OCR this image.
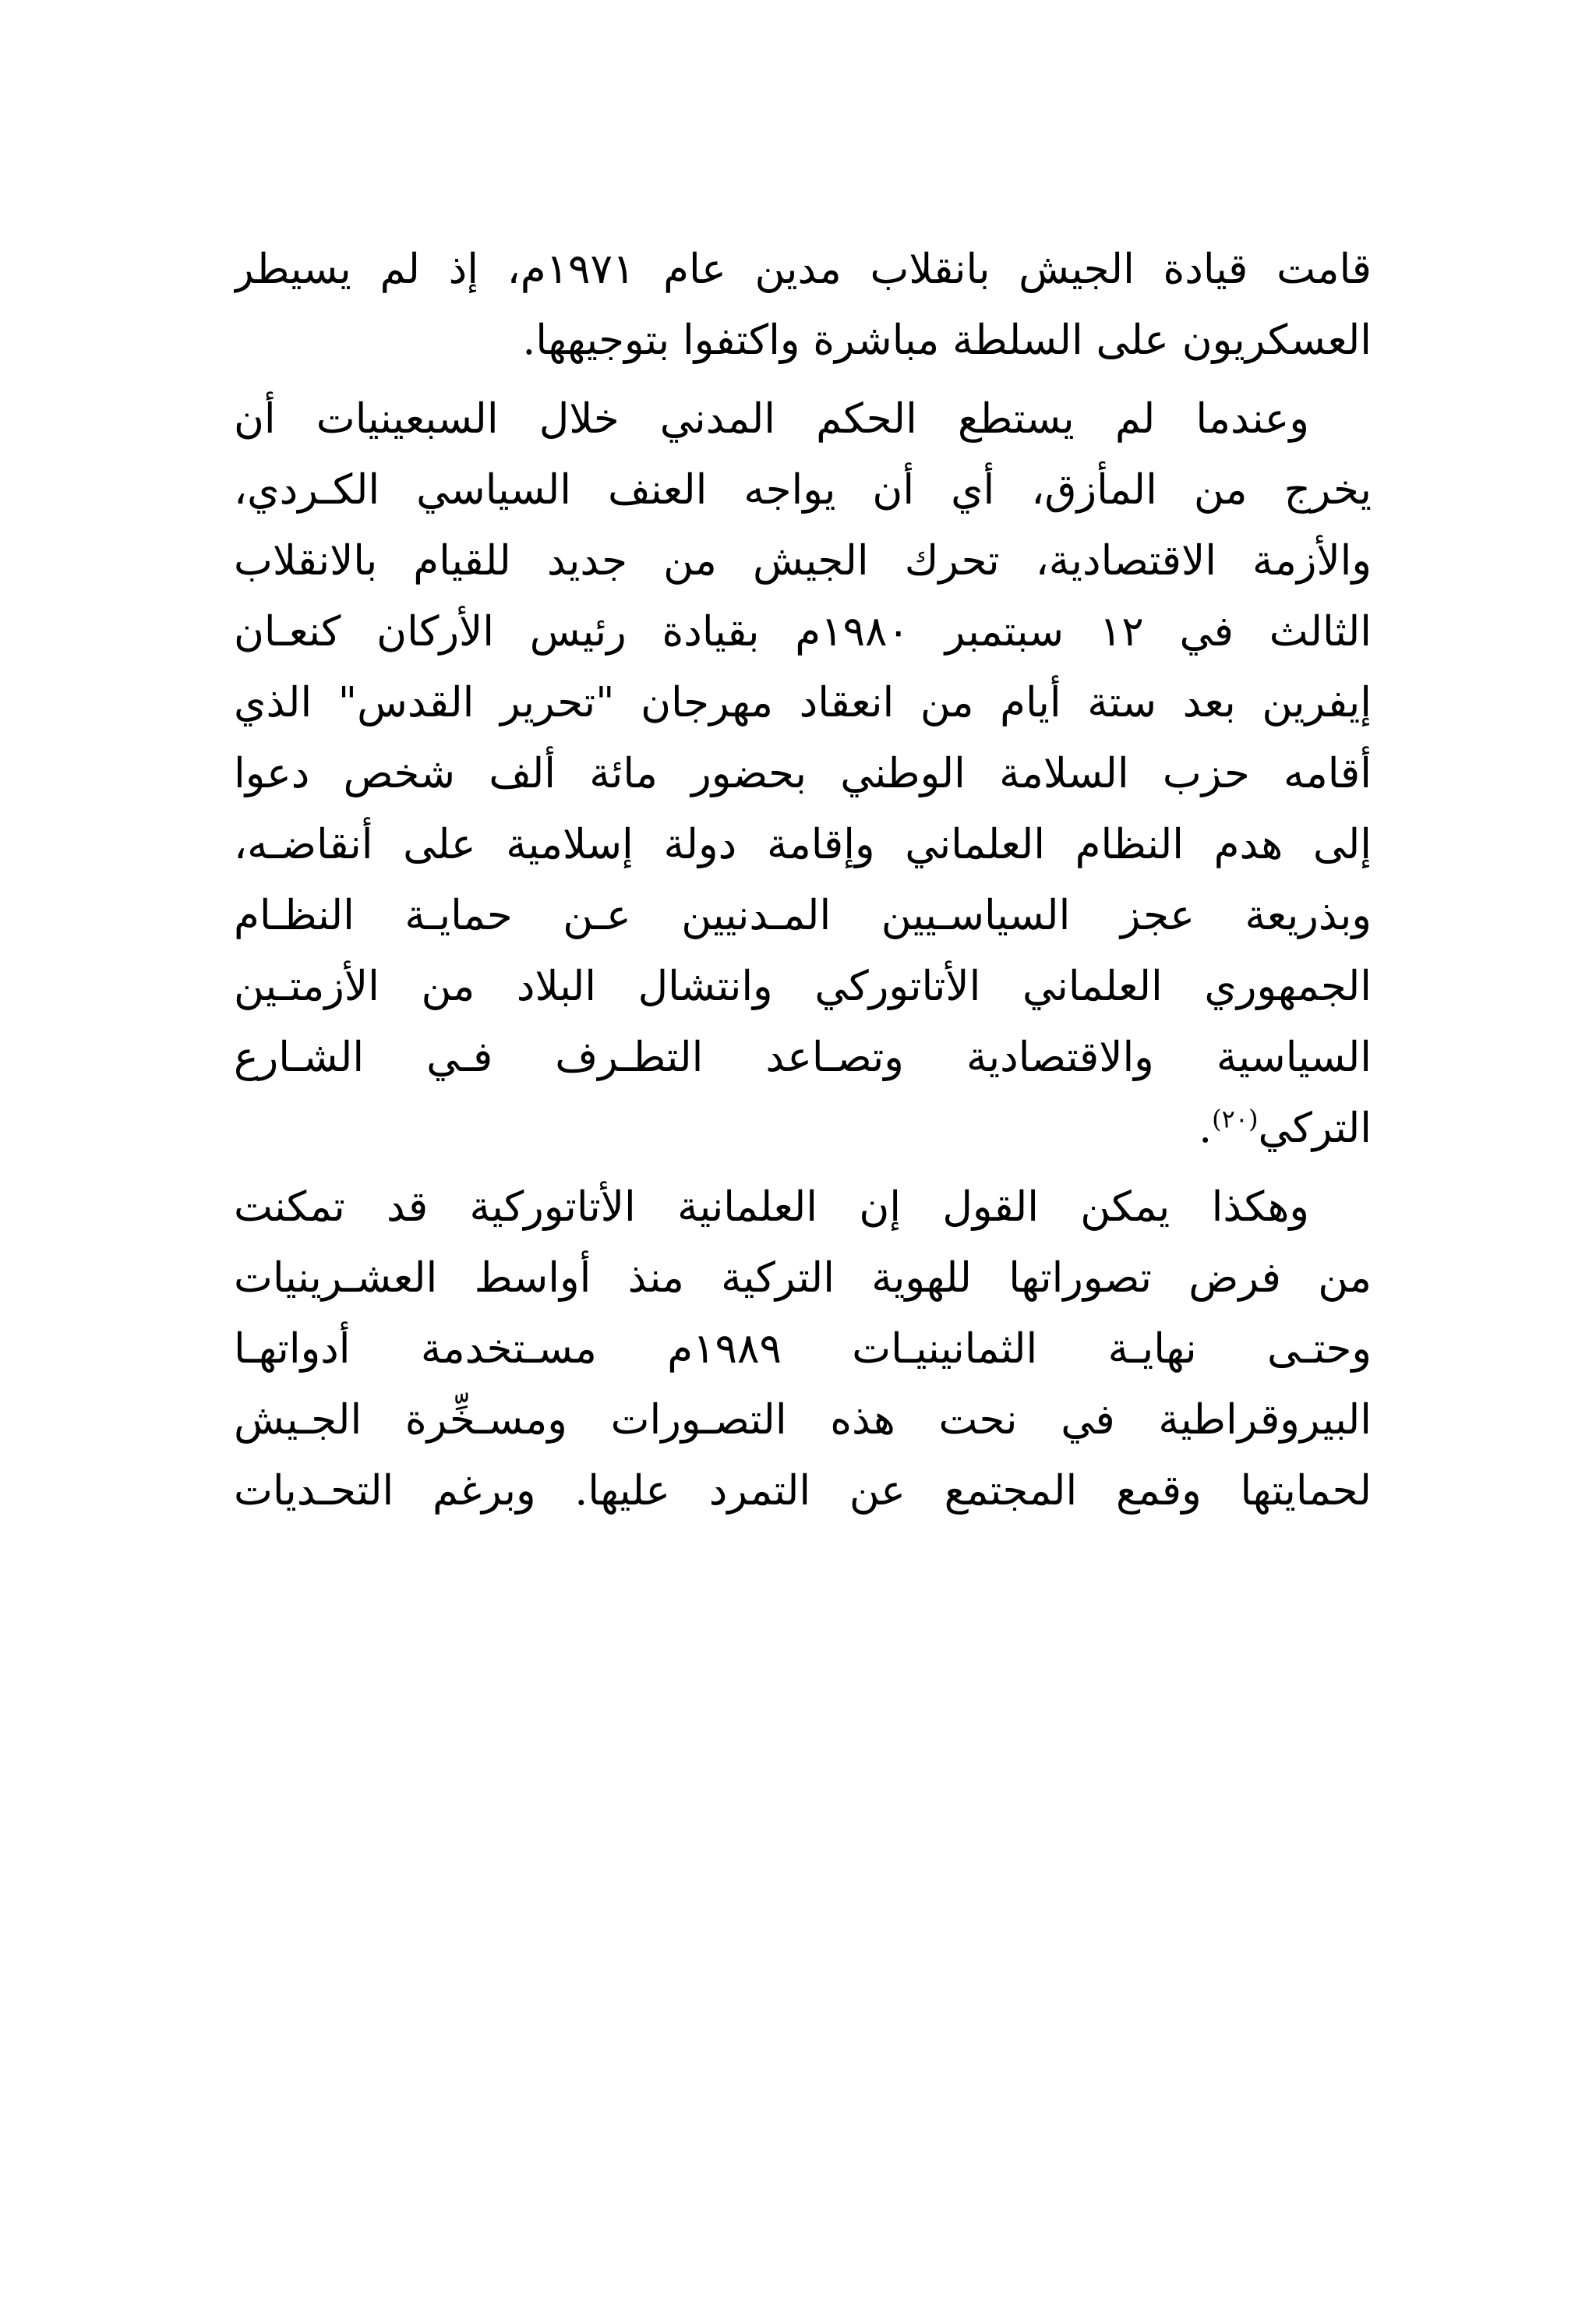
قامت قيادة الجيش بانقلاب مدين عام ١٩٧١م، إذ لم يسيطر
العسكريون على السلطة مباشرة واكتفوا بتوجيهها.
وعندما لم يستطع الحكم المدني خلال السبعينيات أن
يخرج من المأزق، أي أن يواجه العنف السياسي الكـردي،
والأزمة الاقتصادية، تحرك الجيش من جديد للقيام بالانقلاب
الثالث في ١٢ سبتمبر ١٩٨٠م بقيادة رئيس الأركان كنعـان
إيفرين بعد ستة أيام من انعقاد مهرجان "تحرير القدس" الذي
أقامه حزب السلامة الوطني بحضور مائة ألف شخص دعوا
إلى هدم النظام العلماني وإقامة دولة إسلامية على أنقاضـه،
وبذريعة عجز السياسـيين المـدنيين عـن حمايـة النظـام
الجمهوري العلماني الأتاتوركي وانتشال البلاد من الأزمتـين
السياسية والاقتصادية وتصـاعد التطـرف فـي الشـارع
التركي$^{(٢٠)}$.
وهكذا يمكن القول إن العلمانية الأتاتوركية قد تمكنت
من فرض تصوراتها للهوية التركية منذ أواسط العشـرينيات
وحتـى نهايـة الثمانينيـات ١٩٨٩م مسـتخدمة أدواتهـا
البيروقراطية في نحت هذه التصـورات ومسـخِّرة الجـيش
لحمايتها وقمع المجتمع عن التمرد عليها. وبرغم التحـديات
